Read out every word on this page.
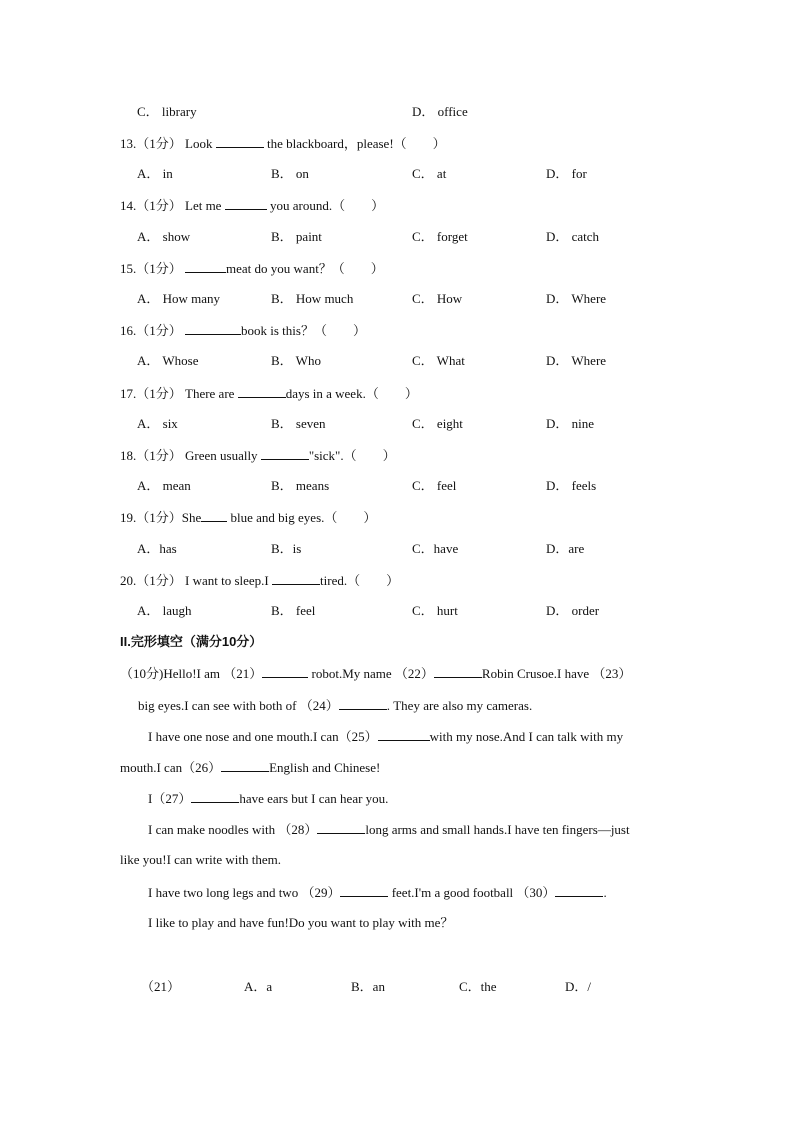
C． library	D． office
13.（1分） Look	the blackboard，please!（　　）
A． in	B． on	C． at	D． for
14.（1分） Let me	you around.（　　）
A． show	B． paint	C． forget	D． catch
15.（1分）	meat do you want？（　　）
A． How many	B． How much	C． How	D． Where
16.（1分）	book is this？（　　）
A． Whose	B． Who	C． What	D． Where
17.（1分） There are	days in a week.（　　）
A． six	B． seven	C． eight	D． nine
18.（1分） Green usually	"sick".（　　）
A． mean	B． means	C． feel	D． feels
19.（1分）She blue and big eyes.（　　）
A．has	B．is	C．have	D．are
20.（1分） I want to sleep.I	tired.（　　）
A． laugh	B． feel	C． hurt	D． order
II.完形填空（满分10分）
（10分)Hello!I am （21）	robot.My name （22）	Robin Crusoe.I have （23）
big eyes.I can see with both of （24）	. They are also my cameras.
I have one nose and one mouth.I can（25）	with my nose.And I can talk with my
mouth.I can（26）	English and Chinese!
I（27）	have ears but I can hear you.
I can make noodles with （28）	long arms and small hands.I have ten fingers—just
like you!I can write with them.
I have two long legs and two （29）	feet.I'm a good football （30）	.
I like to play and have fun!Do you want to play with me？
（21）	A．a	B．an	C．the	D．/
